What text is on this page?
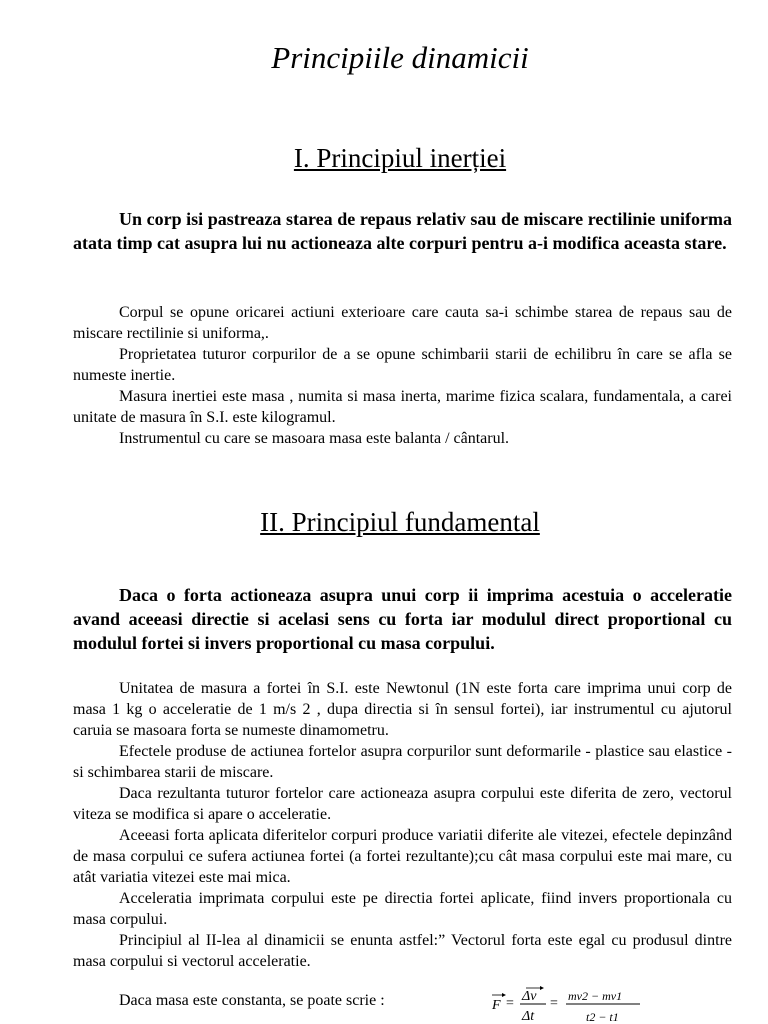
Principiile dinamicii
I. Principiul inerției
Un corp isi pastreaza starea de repaus relativ sau de miscare rectilinie uniforma atata timp cat asupra lui nu actioneaza alte corpuri pentru a-i modifica aceasta stare.

Corpul se opune oricarei actiuni exterioare care cauta sa-i schimbe starea de repaus sau de miscare rectilinie si uniforma,.

Proprietatea tuturor corpurilor de a se opune schimbarii starii de echilibru în care se afla se numeste inertie.

Masura inertiei este masa , numita si masa inerta, marime fizica scalara, fundamentala, a carei unitate de masura în S.I. este kilogramul.

Instrumentul cu care se masoara masa este balanta / cântarul.

II. Principiul fundamental
Daca o forta actioneaza asupra unui corp ii imprima acestuia o acceleratie avand aceeasi directie si acelasi sens cu forta iar modulul direct proportional cu modulul fortei si invers proportional cu masa corpului.

Unitatea de masura a fortei în S.I. este Newtonul (1N este forta care imprima unui corp de masa 1 kg o acceleratie de 1 m/s 2 , dupa directia si în sensul fortei), iar instrumentul cu ajutorul caruia se masoara forta se numeste dinamometru.

Efectele produse de actiunea fortelor asupra corpurilor sunt deformarile - plastice sau elastice - si schimbarea starii de miscare.

Daca rezultanta tuturor fortelor care actioneaza asupra corpului este diferita de zero, vectorul viteza se modifica si apare o acceleratie.

Aceeasi forta aplicata diferitelor corpuri produce variatii diferite ale vitezei, efectele depinzând de masa corpului ce sufera actiunea fortei (a fortei rezultante);cu cât masa corpului este mai mare, cu atât variatia vitezei este mai mica.

Acceleratia imprimata corpului este pe directia fortei aplicate, fiind invers proportionala cu masa corpului.

Principiul al II-lea al dinamicii se enunta astfel:” Vectorul forta este egal cu produsul dintre masa corpului si vectorul acceleratie.

Daca masa este constanta, se poate scrie :	F = Δv
Δt
= mv2 − mv1
t2 − t1
